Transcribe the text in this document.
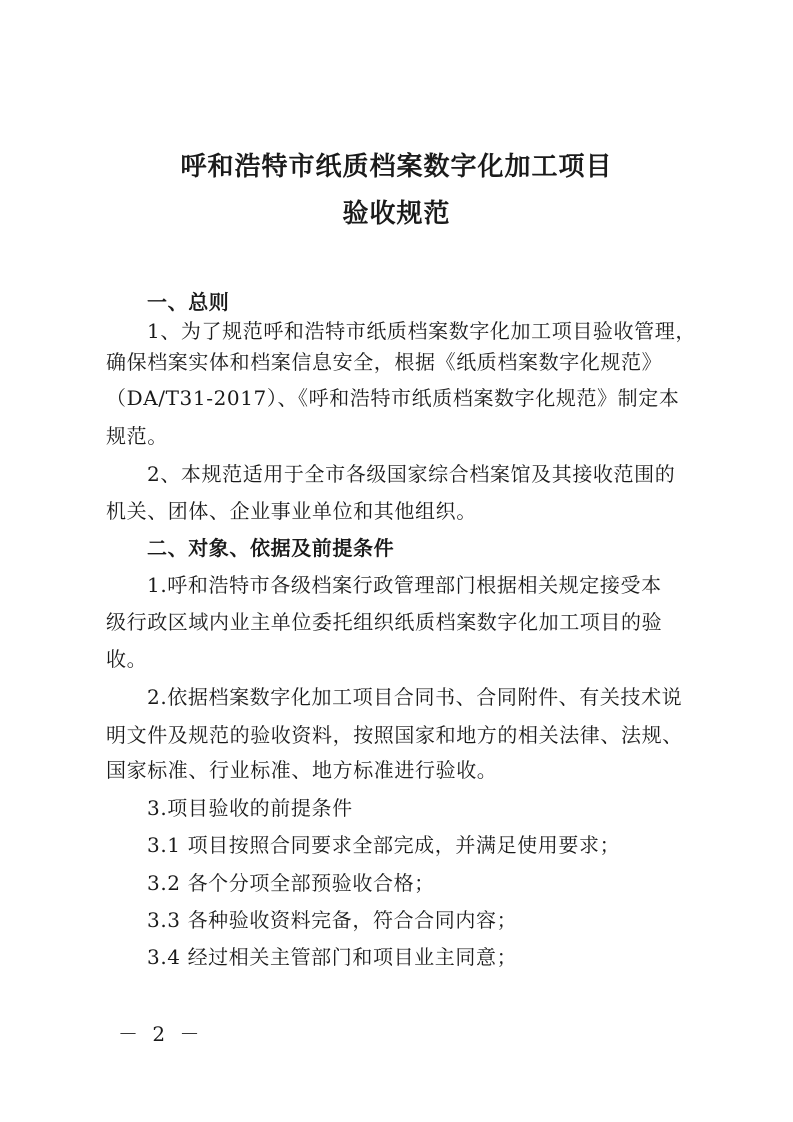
呼和浩特市纸质档案数字化加工项目
验收规范
一、总则
1、为了规范呼和浩特市纸质档案数字化加工项目验收管理，
确保档案实体和档案信息安全，根据《纸质档案数字化规范》
（DA/T31-2017）、《呼和浩特市纸质档案数字化规范》制定本
规范。
2、本规范适用于全市各级国家综合档案馆及其接收范围的
机关、团体、企业事业单位和其他组织。
二、对象、依据及前提条件
1.呼和浩特市各级档案行政管理部门根据相关规定接受本
级行政区域内业主单位委托组织纸质档案数字化加工项目的验
收。
2.依据档案数字化加工项目合同书、合同附件、有关技术说
明文件及规范的验收资料，按照国家和地方的相关法律、法规、
国家标准、行业标准、地方标准进行验收。
3.项目验收的前提条件
3.1 项目按照合同要求全部完成，并满足使用要求；
3.2 各个分项全部预验收合格；
3.3 各种验收资料完备，符合合同内容；
3.4 经过相关主管部门和项目业主同意；
－ 2 －
